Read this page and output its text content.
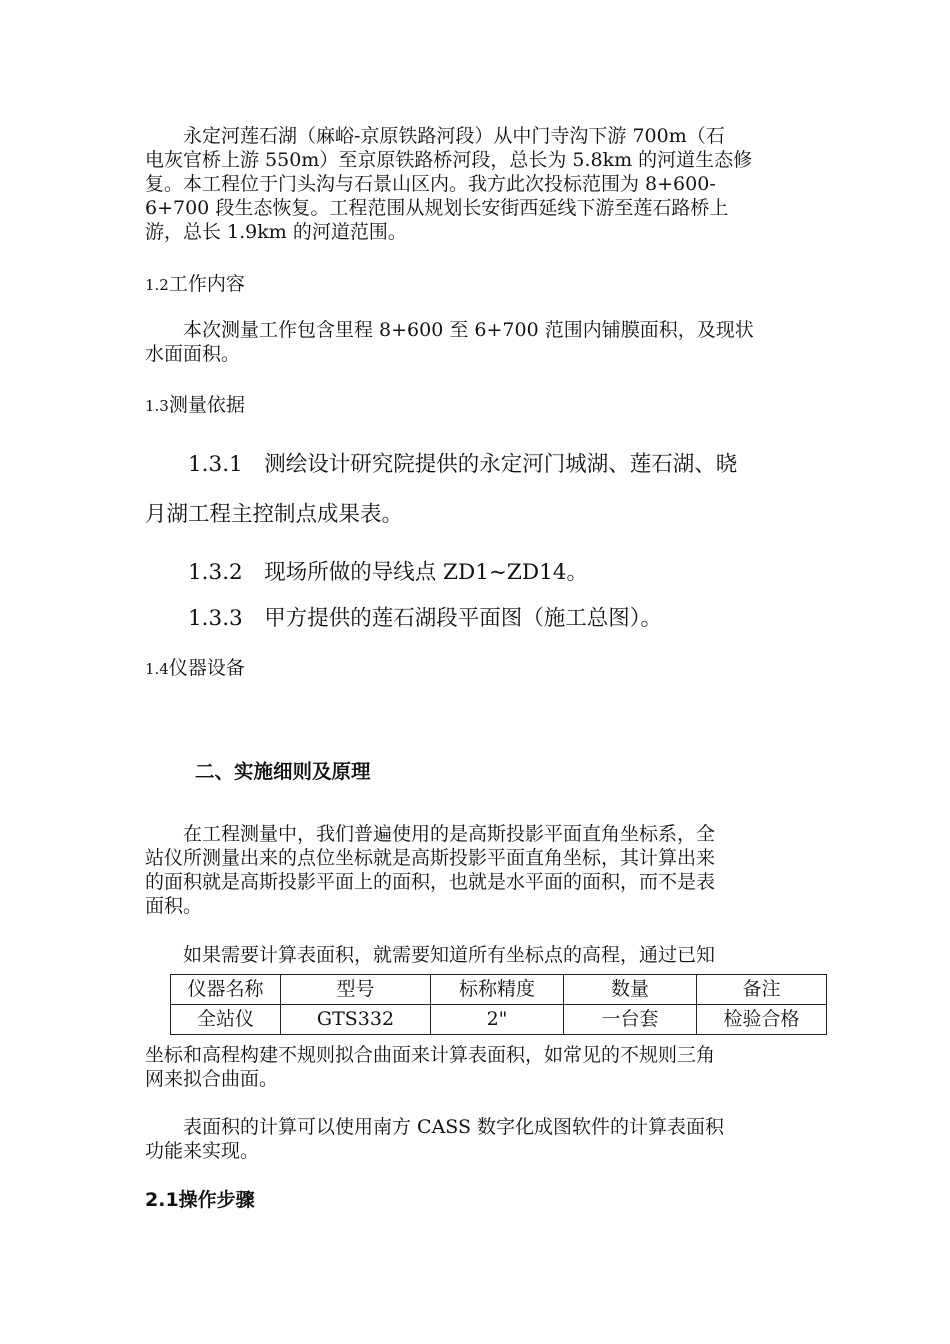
　　永定河莲石湖（麻峪-京原铁路河段）从中门寺沟下游 700m（石
电灰官桥上游 550m）至京原铁路桥河段，总长为 5.8km 的河道生态修
复。本工程位于门头沟与石景山区内。我方此次投标范围为 8+600-
6+700 段生态恢复。工程范围从规划长安街西延线下游至莲石路桥上
游，总长 1.9km 的河道范围。
1.2工作内容
　　本次测量工作包含里程 8+600 至 6+700 范围内铺膜面积，及现状
水面面积。
1.3测量依据
　　1.3.1　测绘设计研究院提供的永定河门城湖、莲石湖、晓
月湖工程主控制点成果表。
　　1.3.2　现场所做的导线点 ZD1~ZD14。
　　1.3.3　甲方提供的莲石湖段平面图（施工总图）。
1.4仪器设备
二、实施细则及原理
　　在工程测量中，我们普遍使用的是高斯投影平面直角坐标系，全
站仪所测量出来的点位坐标就是高斯投影平面直角坐标，其计算出来
的面积就是高斯投影平面上的面积，也就是水平面的面积，而不是表
面积。
　　如果需要计算表面积，就需要知道所有坐标点的高程，通过已知
仪器名称	型号	标称精度	数量	备注
全站仪	GTS332	2"	一台套	检验合格
坐标和高程构建不规则拟合曲面来计算表面积，如常见的不规则三角
网来拟合曲面。
　　表面积的计算可以使用南方 CASS 数字化成图软件的计算表面积
功能来实现。
2.1操作步骤
